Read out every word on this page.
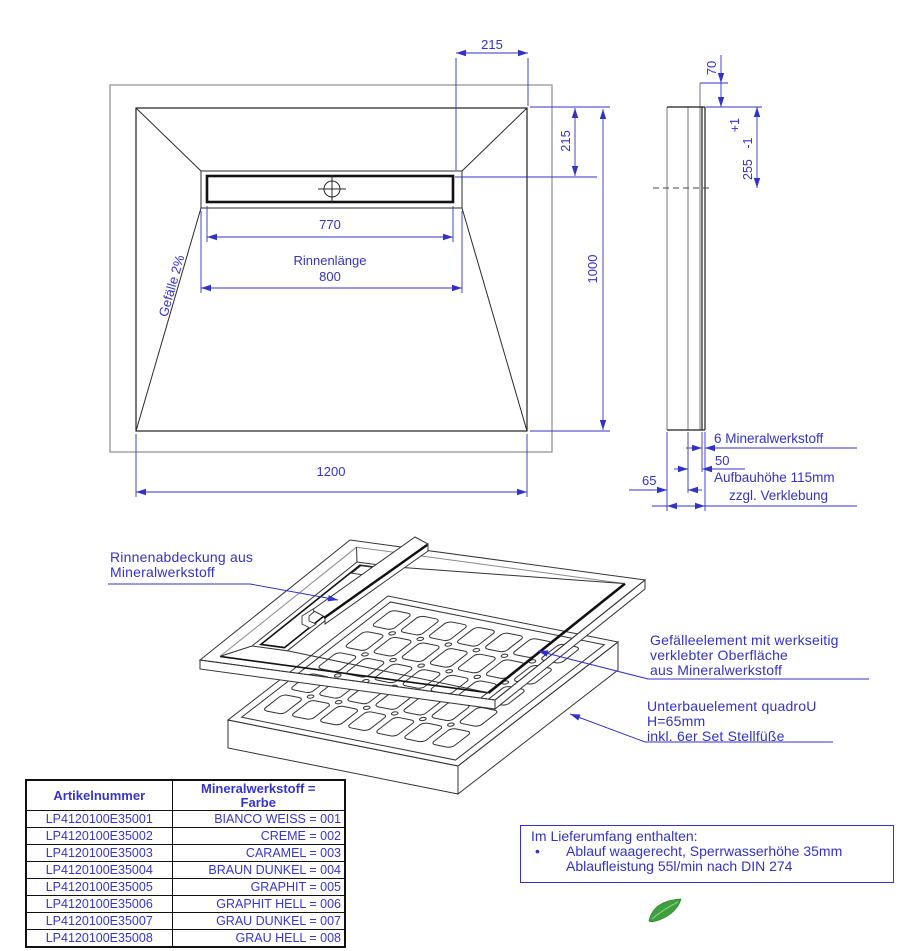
215
215
770
Rinnenlänge
800	1000
1200
Gefälle 2%
70
+1
255 -1
6 Mineralwerkstoff
50
65	Aufbauhöhe 115mm
zzgl. Verklebung
Rinnenabdeckung aus
Mineralwerkstoff
Gefälleelement mit werkseitig
verklebter Oberfläche
aus Mineralwerkstoff
Unterbauelement quadroU
H=65mm
inkl. 6er Set Stellfüße
Artikelnummer	Mineralwerkstoff =
Farbe

LP4120100E35001	BIANCO WEISS = 001
LP4120100E35002	CREME = 002
LP4120100E35003	CARAMEL = 003
LP4120100E35004	BRAUN DUNKEL = 004
LP4120100E35005	GRAPHIT = 005
LP4120100E35006	GRAPHIT HELL = 006
LP4120100E35007	GRAU DUNKEL = 007
LP4120100E35008	GRAU HELL = 008
Im Lieferumfang enthalten:
• Ablauf waagerecht, Sperrwasserhöhe 35mm
Ablaufleistung 55l/min nach DIN 274
